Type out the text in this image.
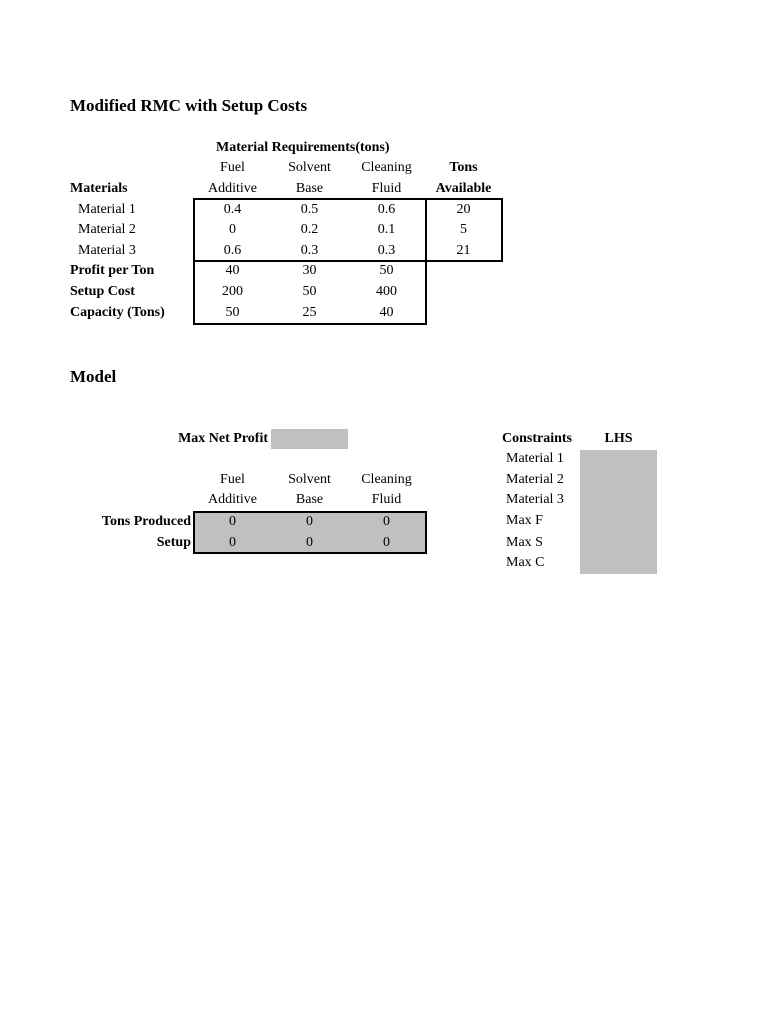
Modified RMC with Setup Costs
Material Requirements(tons)
Fuel	Solvent	Cleaning	Tons
Materials	Additive	Base	Fluid	Available
Material 1	0.4	0.5	0.6	20
Material 2	0	0.2	0.1	5
Material 3	0.6	0.3	0.3	21
Profit per Ton	40	30	50
Setup Cost	200	50	400
Capacity (Tons)	50	25	40
Model
Max Net Profit
Fuel	Solvent	Cleaning
Additive	Base	Fluid
Tons Produced	0	0	0
Setup	0	0	0
Constraints	LHS
Material 1
Material 2
Material 3
Max F
Max S
Max C
